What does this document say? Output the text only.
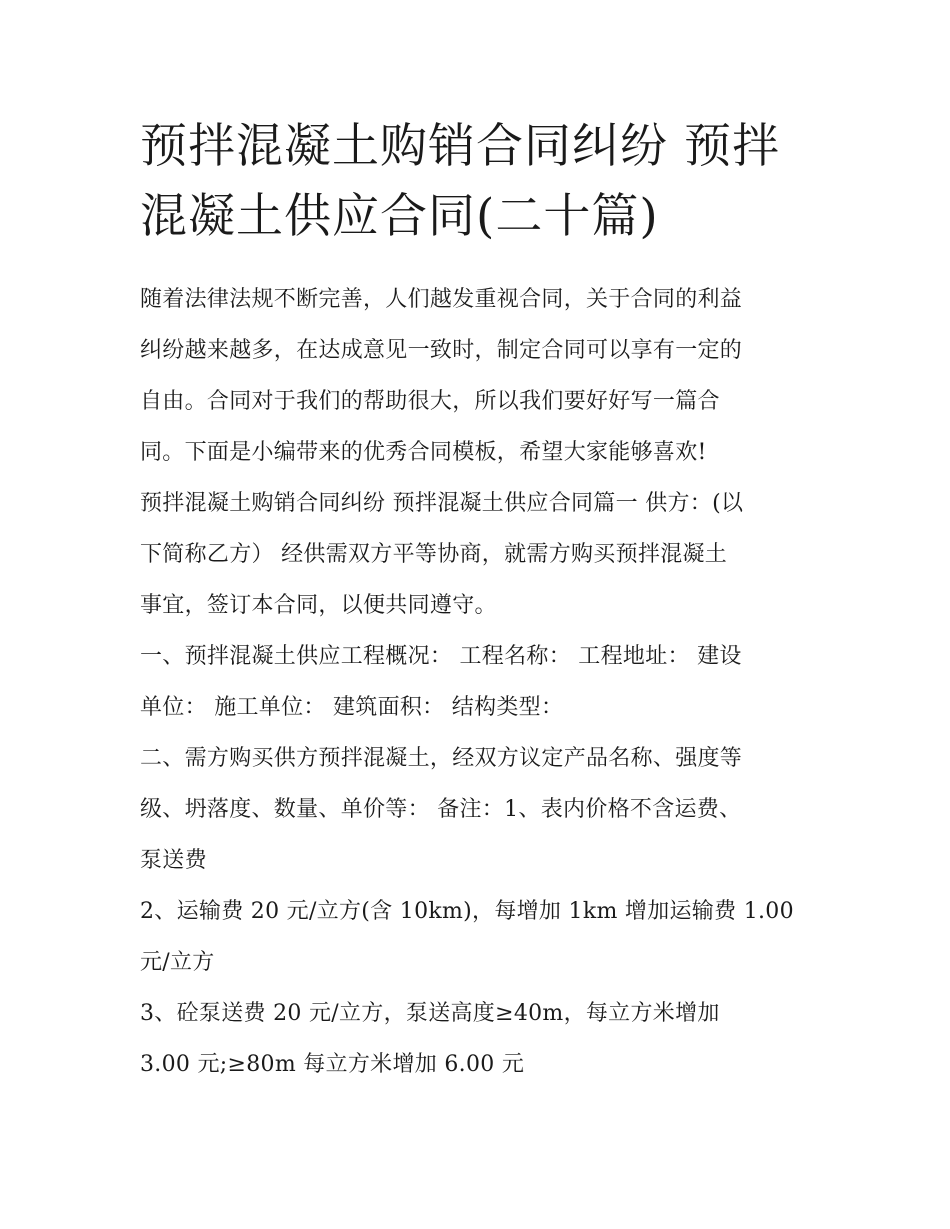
预拌混凝土购销合同纠纷 预拌
混凝土供应合同(二十篇)

随着法律法规不断完善，人们越发重视合同，关于合同的利益
纠纷越来越多，在达成意见一致时，制定合同可以享有一定的
自由。合同对于我们的帮助很大，所以我们要好好写一篇合
同。下面是小编带来的优秀合同模板，希望大家能够喜欢!

预拌混凝土购销合同纠纷 预拌混凝土供应合同篇一 供方：(以
下简称乙方） 经供需双方平等协商，就需方购买预拌混凝土
事宜，签订本合同，以便共同遵守。

一、预拌混凝土供应工程概况： 工程名称： 工程地址： 建设
单位： 施工单位： 建筑面积： 结构类型：

二、需方购买供方预拌混凝土，经双方议定产品名称、强度等
级、坍落度、数量、单价等： 备注：1、表内价格不含运费、
泵送费

2、运输费 20 元/立方(含 10km)，每增加 1km 增加运输费 1.00
元/立方

3、砼泵送费 20 元/立方，泵送高度≥40m，每立方米增加
3.00 元;≥80m 每立方米增加 6.00 元
